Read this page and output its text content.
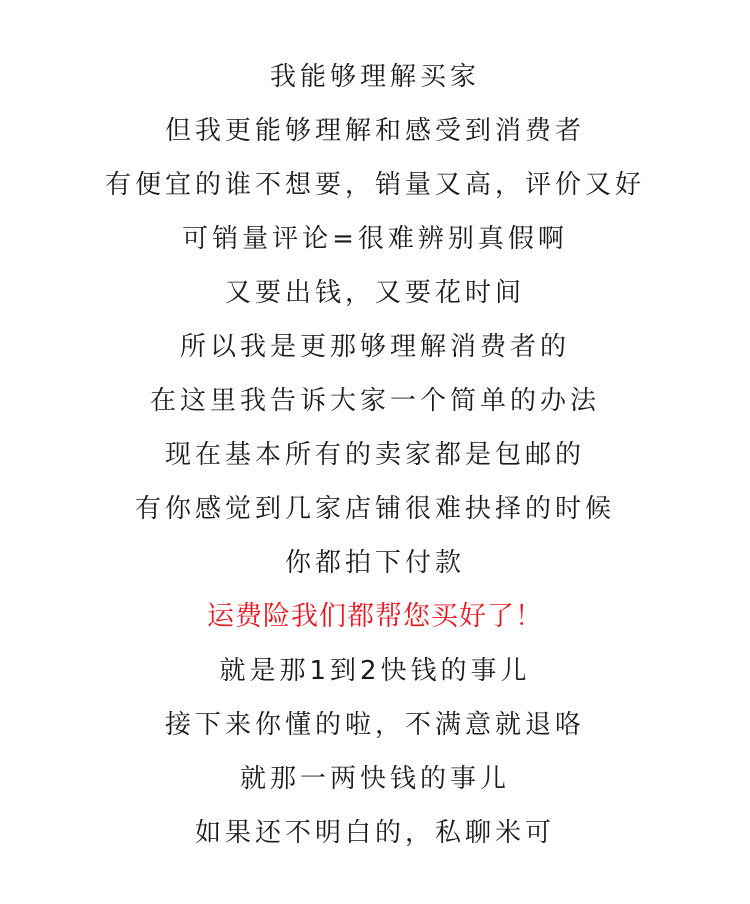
我能够理解买家
但我更能够理解和感受到消费者
有便宜的谁不想要，销量又高，评价又好
可销量评论=很难辨别真假啊
又要出钱，又要花时间
所以我是更那够理解消费者的
在这里我告诉大家一个简单的办法
现在基本所有的卖家都是包邮的
有你感觉到几家店铺很难抉择的时候
你都拍下付款
运费险我们都帮您买好了！
就是那1到2快钱的事儿
接下来你懂的啦，不满意就退咯
就那一两快钱的事儿
如果还不明白的，私聊米可
